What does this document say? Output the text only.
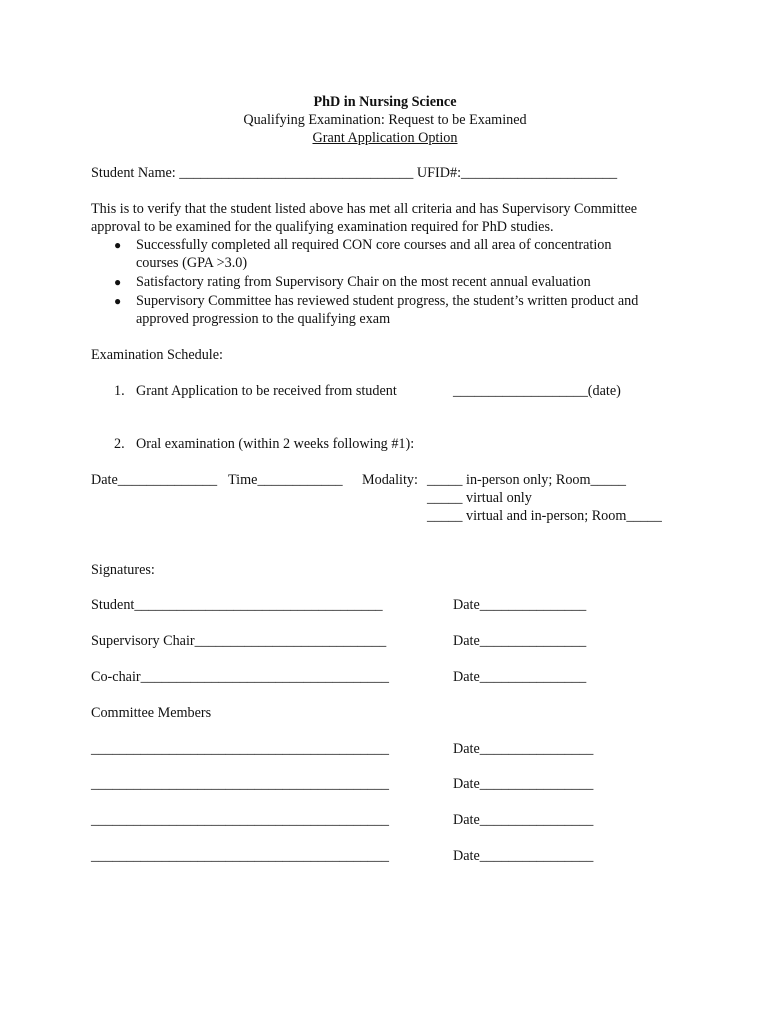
PhD in Nursing Science
Qualifying Examination: Request to be Examined
Grant Application Option
Student Name: _________________________________ UFID#:______________________
This is to verify that the student listed above has met all criteria and has Supervisory Committee
approval to be examined for the qualifying examination required for PhD studies.
● Successfully completed all required CON core courses and all area of concentration
courses (GPA >3.0)
● Satisfactory rating from Supervisory Chair on the most recent annual evaluation
● Supervisory Committee has reviewed student progress, the student’s written product and
approved progression to the qualifying exam
Examination Schedule:
1. Grant Application to be received from student	___________________(date)
2. Oral examination (within 2 weeks following #1):
Date______________ Time____________ Modality: _____ in-person only; Room_____
_____ virtual only
_____ virtual and in-person; Room_____
Signatures:
Student___________________________________	Date_______________
Supervisory Chair___________________________	Date_______________
Co-chair___________________________________	Date_______________
Committee Members
__________________________________________	Date________________
__________________________________________	Date________________
__________________________________________	Date________________
__________________________________________	Date________________
